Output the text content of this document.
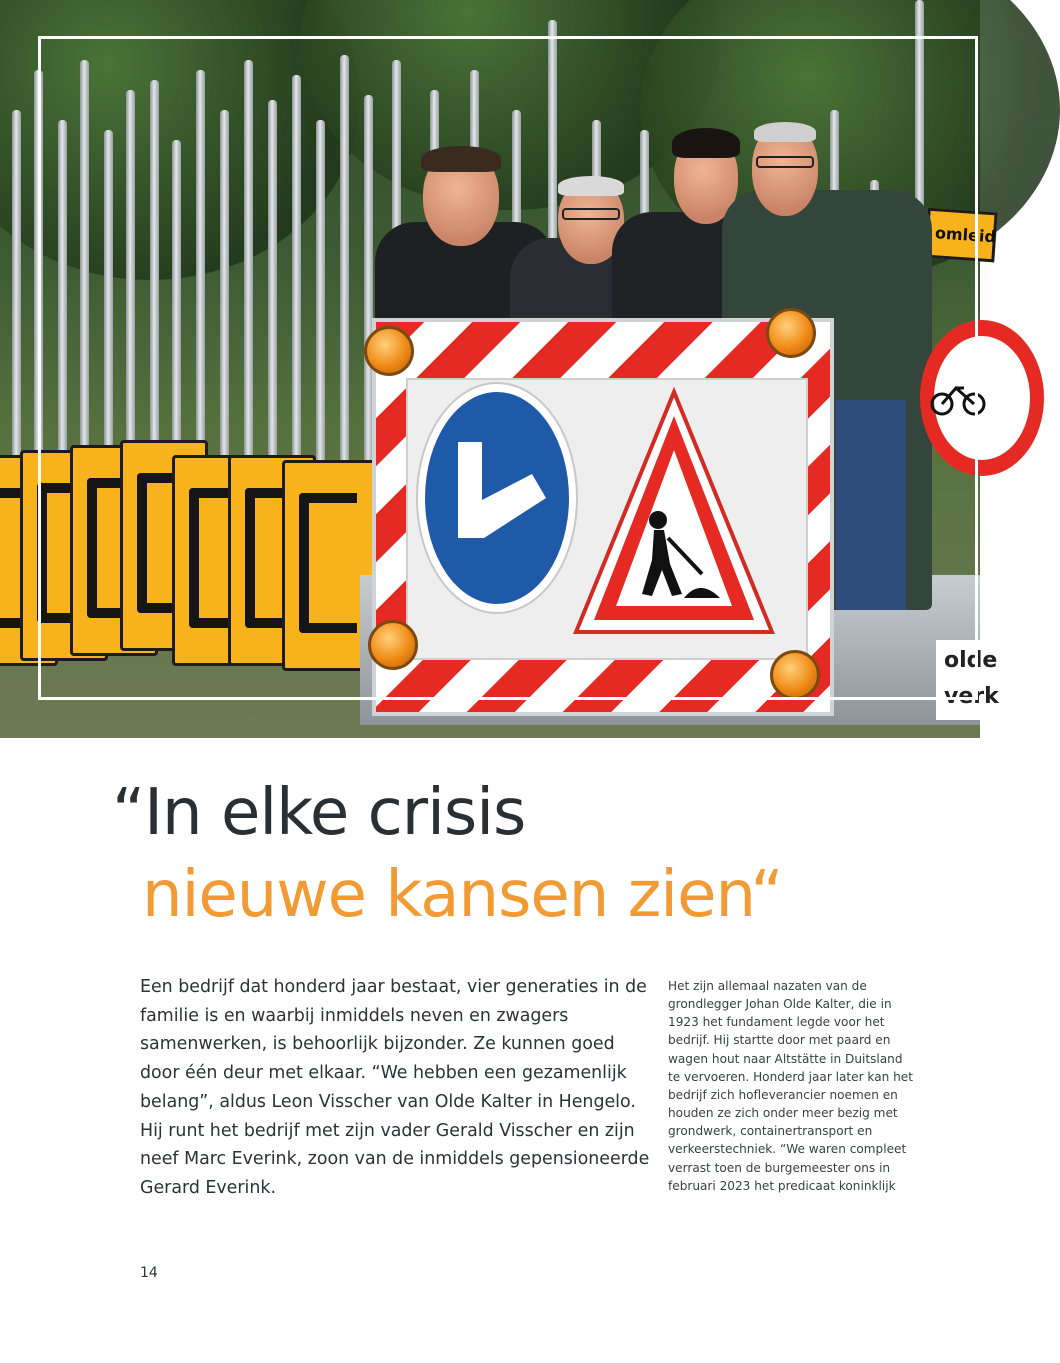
omleid
olde
verk
“In elke crisis
nieuwe kansen zien“

Een bedrijf dat honderd jaar bestaat, vier generaties in de familie is en waarbij inmiddels neven en zwagers samenwerken, is behoorlijk bijzonder. Ze kunnen goed door één deur met elkaar. “We hebben een gezamenlijk belang”, aldus Leon Visscher van Olde Kalter in Hengelo. Hij runt het bedrijf met zijn vader Gerald Visscher en zijn neef Marc Everink, zoon van de inmiddels gepensioneerde Gerard Everink.

Het zijn allemaal nazaten van de grondlegger Johan Olde Kalter, die in 1923 het fundament legde voor het bedrijf. Hij startte door met paard en wagen hout naar Altstätte in Duitsland te vervoeren. Honderd jaar later kan het bedrijf zich hofleverancier noemen en houden ze zich onder meer bezig met grondwerk, containertransport en verkeerstechniek. “We waren compleet verrast toen de burgemeester ons in februari 2023 het predicaat koninklijk

14
